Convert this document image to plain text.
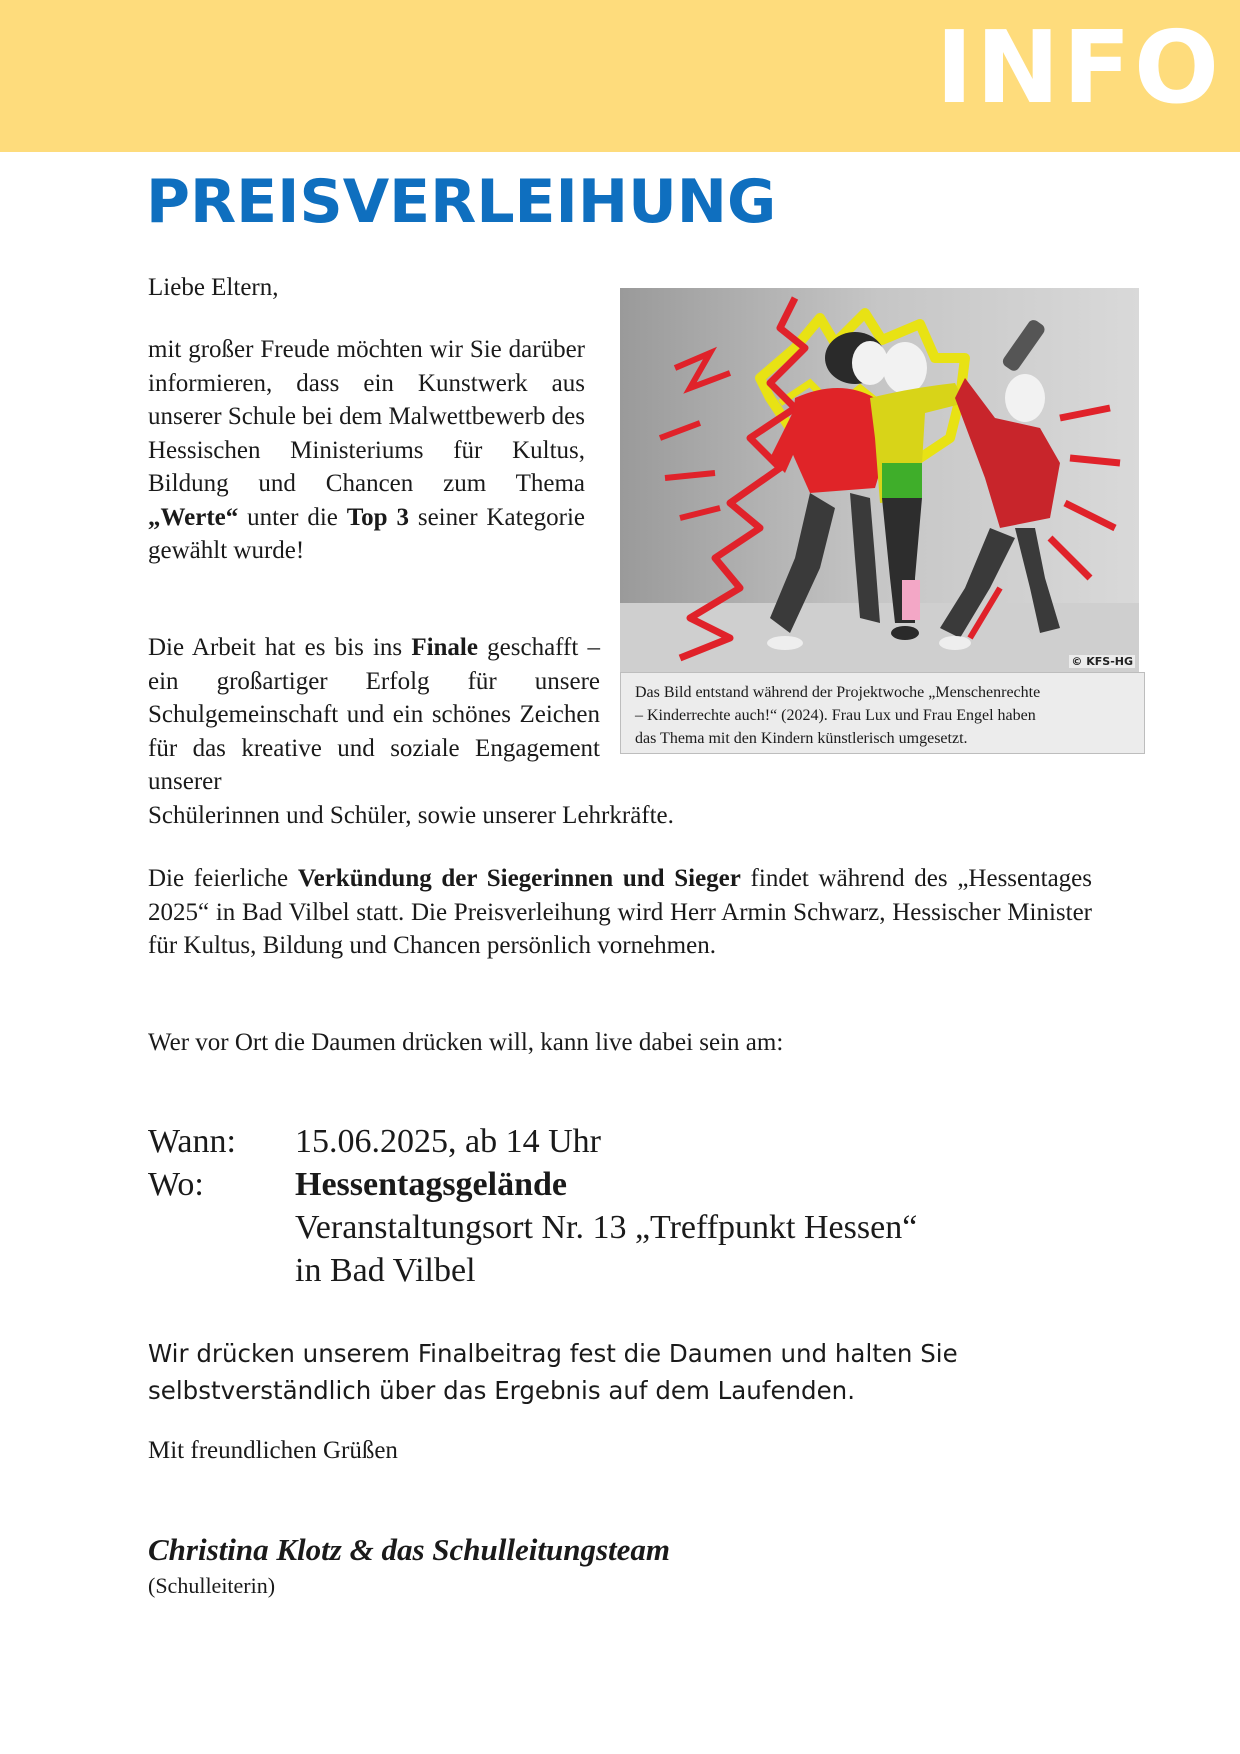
INFO
PREISVERLEIHUNG

Liebe Eltern,

mit großer Freude möchten wir Sie darüber informieren, dass ein Kunstwerk aus unserer Schule bei dem Malwettbewerb des Hessischen Ministeriums für Kultus, Bildung und Chancen zum Thema „Werte“ unter die Top 3 seiner Kategorie gewählt wurde!

Die Arbeit hat es bis ins Finale geschafft – ein großartiger Erfolg für unsere Schulgemeinschaft und ein schönes Zeichen für das kreative und soziale Engagement unserer
Schülerinnen und Schüler, sowie unserer Lehrkräfte.

© KFS-HG
Das Bild entstand während der Projektwoche „Menschenrechte
– Kinderrechte auch!“ (2024). Frau Lux und Frau Engel haben
das Thema mit den Kindern künstlerisch umgesetzt.

Die feierliche Verkündung der Siegerinnen und Sieger findet während des „Hessentages 2025“ in Bad Vilbel statt. Die Preisverleihung wird Herr Armin Schwarz, Hessischer Minister für Kultus, Bildung und Chancen persönlich vornehmen.

Wer vor Ort die Daumen drücken will, kann live dabei sein am:

Wann:	15.06.2025, ab 14 Uhr
Wo:	Hessentagsgelände
Veranstaltungsort Nr. 13 „Treffpunkt Hessen“
in Bad Vilbel

Wir drücken unserem Finalbeitrag fest die Daumen und halten Sie
selbstverständlich über das Ergebnis auf dem Laufenden.

Mit freundlichen Grüßen

Christina Klotz & das Schulleitungsteam

(Schulleiterin)
